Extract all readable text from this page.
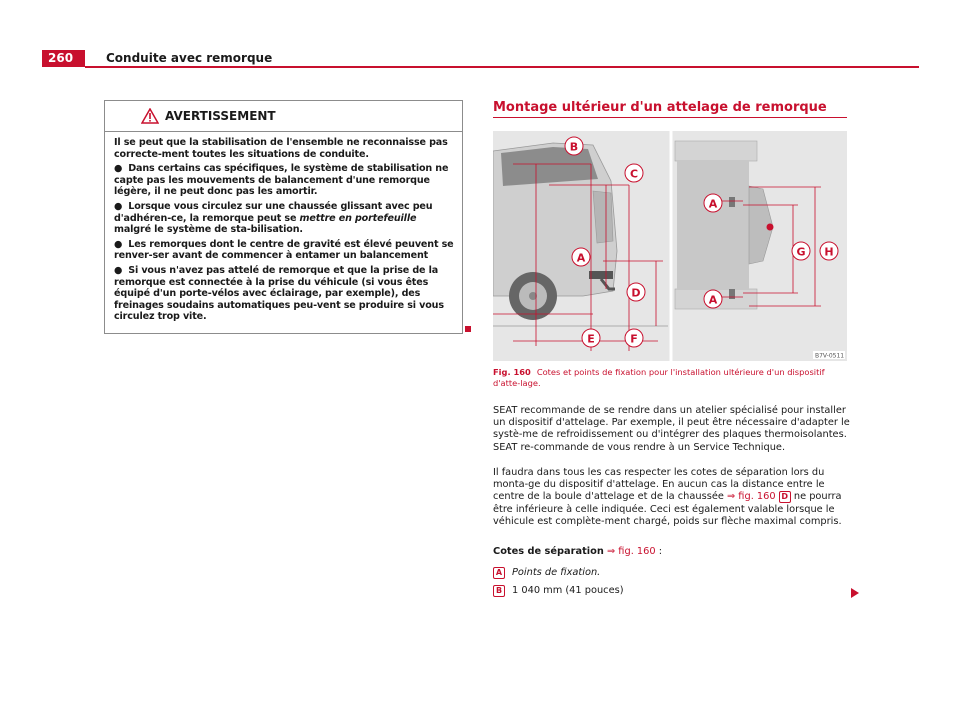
260	Conduite avec remorque
AVERTISSEMENT

Il se peut que la stabilisation de l'ensemble ne reconnaisse pas correcte-ment toutes les situations de conduite.

● Dans certains cas spécifiques, le système de stabilisation ne capte pas les mouvements de balancement d'une remorque légère, il ne peut donc pas les amortir.

● Lorsque vous circulez sur une chaussée glissant avec peu d'adhéren-ce, la remorque peut se mettre en portefeuille malgré le système de sta-bilisation.

● Les remorques dont le centre de gravité est élevé peuvent se renver-ser avant de commencer à entamer un balancement

● Si vous n'avez pas attelé de remorque et que la prise de la remorque est connectée à la prise du véhicule (si vous êtes équipé d'un porte-vélos avec éclairage, par exemple), des freinages soudains automatiques peu-vent se produire si vous circulez trop vite.

Montage ultérieur d'un attelage de remorque
A
B
C
D
E	F
A
A
G H
B7V-0511
Fig. 160 Cotes et points de fixation pour l'installation ultérieure d'un dispositif d'atte-lage.
SEAT recommande de se rendre dans un atelier spécialisé pour installer un dispositif d'attelage. Par exemple, il peut être nécessaire d'adapter le systè-me de refroidissement ou d'intégrer des plaques thermoisolantes. SEAT re-commande de vous rendre à un Service Technique.
Il faudra dans tous les cas respecter les cotes de séparation lors du monta-ge du dispositif d'attelage. En aucun cas la distance entre le centre de la boule d'attelage et de la chaussée ⇒ fig. 160 D ne pourra être inférieure à celle indiquée. Ceci est également valable lorsque le véhicule est complète-ment chargé, poids sur flèche maximal compris.
Cotes de séparation ⇒ fig. 160 :
A Points de fixation.
B 1 040 mm (41 pouces)
